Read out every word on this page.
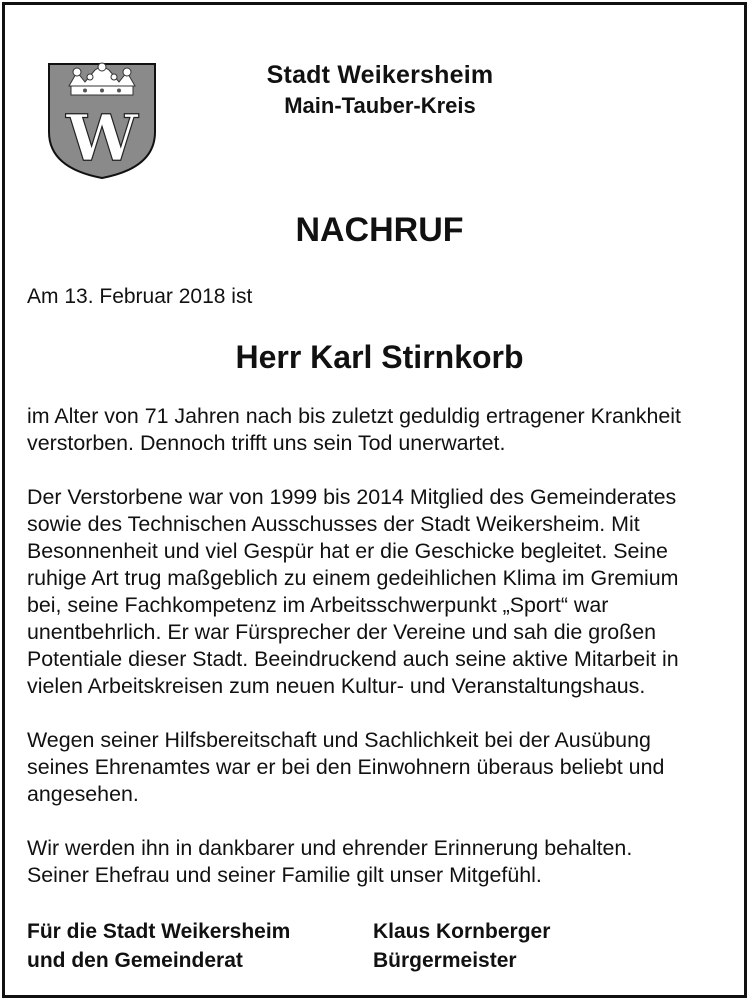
W
Stadt Weikersheim
Main-Tauber-Kreis
NACHRUF
Am 13. Februar 2018 ist
Herr Karl Stirnkorb

im Alter von 71 Jahren nach bis zuletzt geduldig ertragener Krankheit
verstorben. Dennoch trifft uns sein Tod unerwartet.

Der Verstorbene war von 1999 bis 2014 Mitglied des Gemeinderates
sowie des Technischen Ausschusses der Stadt Weikersheim. Mit
Besonnenheit und viel Gespür hat er die Geschicke begleitet. Seine
ruhige Art trug maßgeblich zu einem gedeihlichen Klima im Gremium
bei, seine Fachkompetenz im Arbeitsschwerpunkt „Sport“ war
unentbehrlich. Er war Fürsprecher der Vereine und sah die großen
Potentiale dieser Stadt. Beeindruckend auch seine aktive Mitarbeit in
vielen Arbeitskreisen zum neuen Kultur- und Veranstaltungshaus.

Wegen seiner Hilfsbereitschaft und Sachlichkeit bei der Ausübung
seines Ehrenamtes war er bei den Einwohnern überaus beliebt und
angesehen.

Wir werden ihn in dankbarer und ehrender Erinnerung behalten.
Seiner Ehefrau und seiner Familie gilt unser Mitgefühl.

Für die Stadt Weikersheim
und den Gemeinderat
Klaus Kornberger
Bürgermeister
